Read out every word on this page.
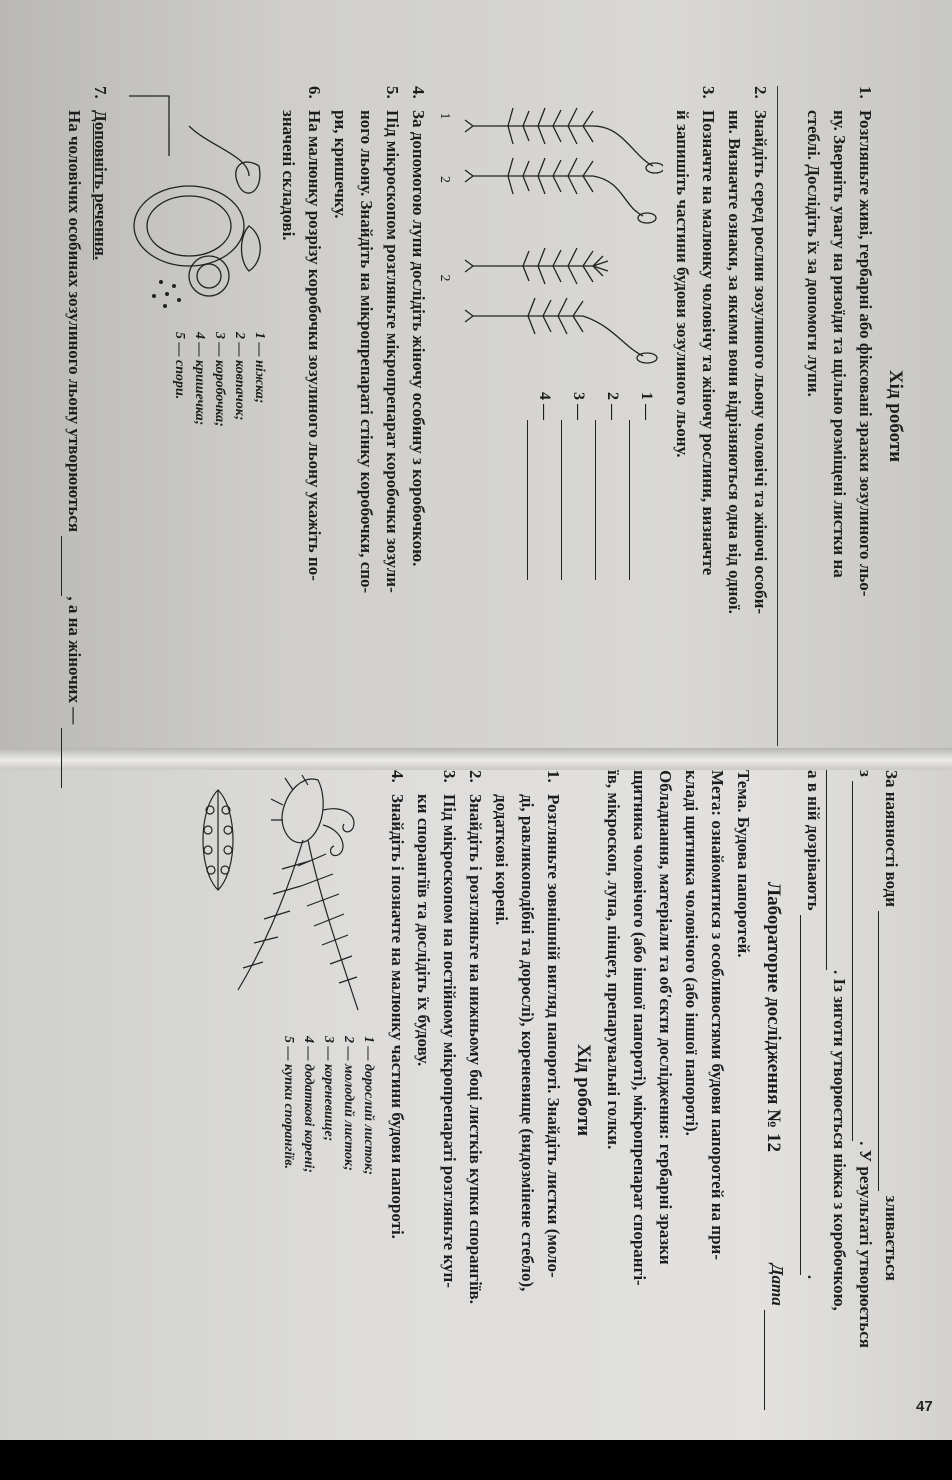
Хід роботи
1.Розгляньте живі, гербарні або фіксовані зразки зозулиного льо-
ну. Зверніть увагу на ризоїди та щільно розміщені листки на
стеблі. Дослідіть їх за допомоги лупи.
2.Знайдіть серед рослин зозулиного льону чоловічі та жіночі особи-
ни. Визначте ознаки, за якими вони відрізняються одна від одної.
3.Позначте на малюнку чоловічу та жіночу рослини, визначте
й запишіть частини будови зозулиного льону.
1 —
2 —
3 —
4 —
1 2 2
4.За допомогою лупи дослідіть жіночу особину з коробочкою.
5.Під мікроскопом розгляньте мікропрепарат коробочки зозули-
ного льону. Знайдіть на мікропрепараті стінку коробочки, спо-
ри, кришечку.
6.На малюнку розрізу коробочки зозулиного льону укажіть по-
значені складові.
1 — ніжка;
2 — ковпачок;
3 — коробочка;
4 — кришечка;
5 — спори.
7.Доповніть речення.
На чоловічих особинах зозулиного льону утворюються , а на жіночих —
За наявності води  зливається
з . У результаті утворюється
. Із зиготи утворюється ніжка з коробочкою,
а в ній дозрівають .
Лабораторне дослідження № 12
Дата
Тема. Будова папоротей.
Мета: ознайомитися з особливостями будови папоротей на при-
кладі щитника чоловічого (або іншої папороті).
Обладнання, матеріали та об'єкти дослідження: гербарні зразки
щитника чоловічого (або іншої папороті), мікропрепарат спорангі-
їв, мікроскоп, лупа, пінцет, препарувальні голки.
Хід роботи
1.Розгляньте зовнішній вигляд папороті. Знайдіть листки (моло-
ді, равликоподібні та дорослі), кореневище (видозмінене стебло),
додаткові корені.
2.Знайдіть і розгляньте на нижньому боці листків купки спорангіїв.
3.Під мікроскопом на постійному мікропрепараті розгляньте куп-
ки спорангіїв та дослідіть їх будову.
4.Знайдіть і позначте на малюнку частини будови папороті.
1 — дорослий листок;
2 — молодий листок;
3 — кореневище;
4 — додаткові корені;
5 — купки спорангіїв.
47
